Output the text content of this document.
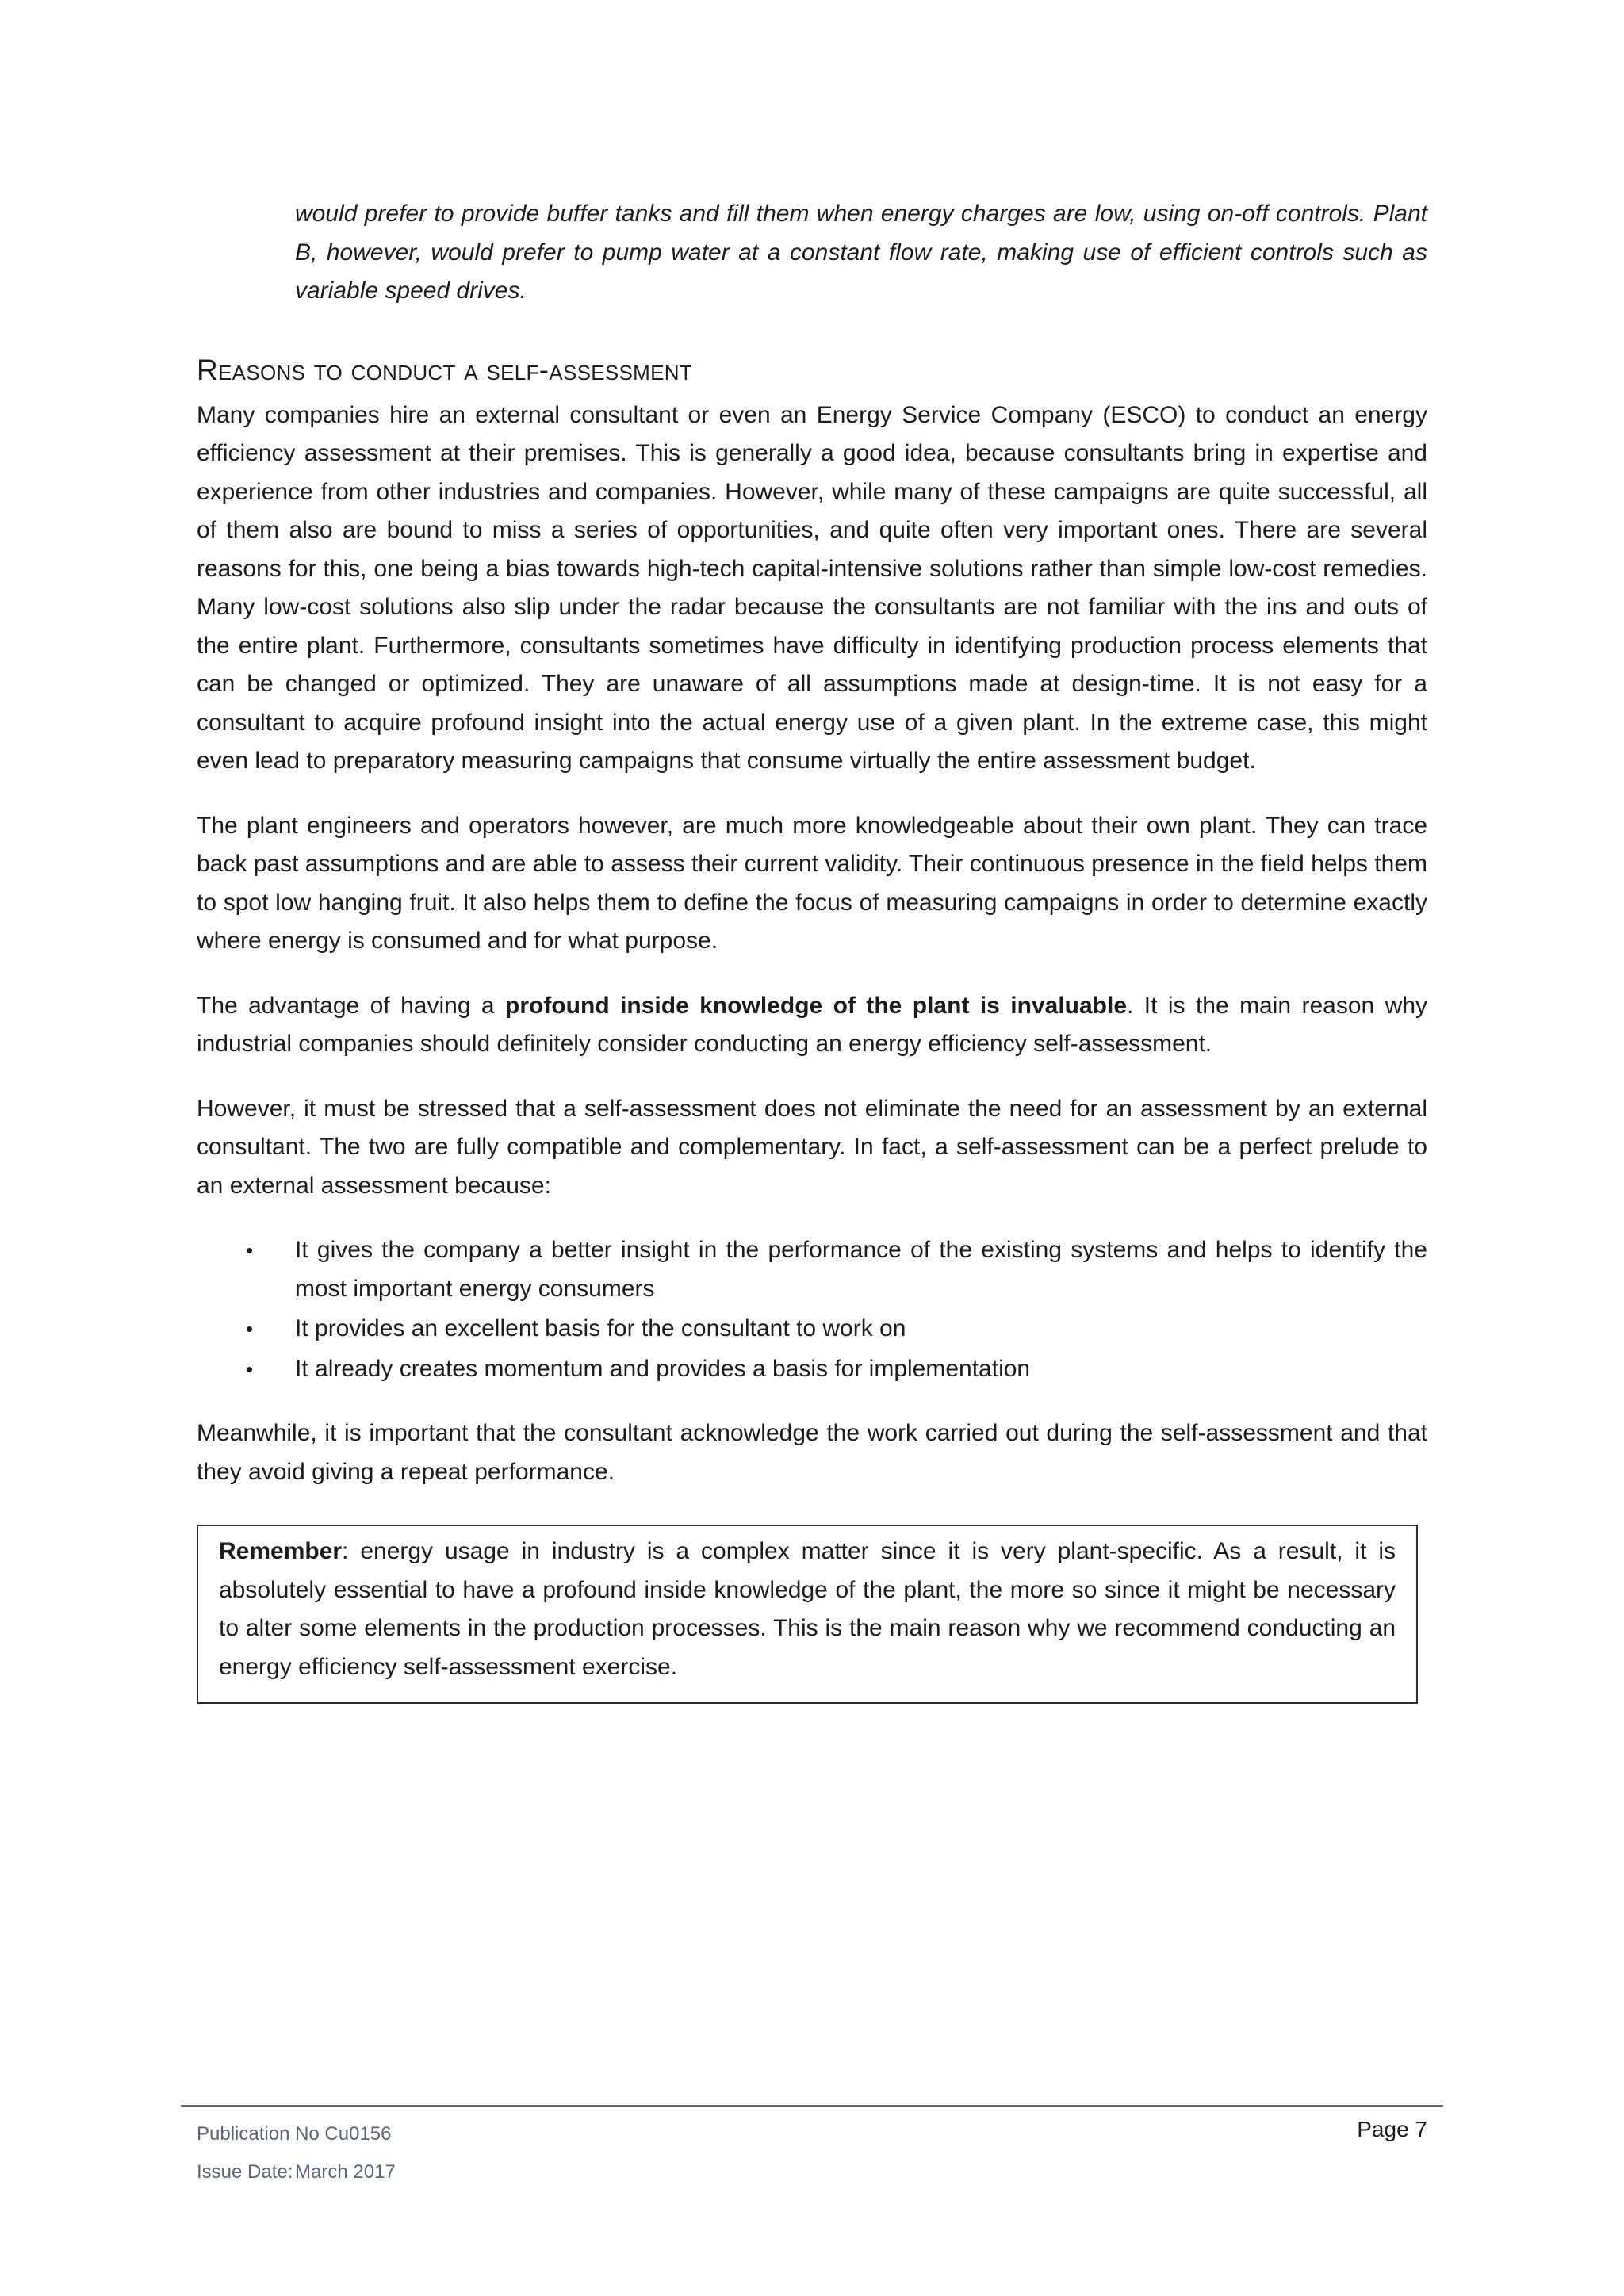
would prefer to provide buffer tanks and fill them when energy charges are low, using on-off controls. Plant B, however, would prefer to pump water at a constant flow rate, making use of efficient controls such as variable speed drives.

Reasons to conduct a self-assessment

Many companies hire an external consultant or even an Energy Service Company (ESCO) to conduct an energy efficiency assessment at their premises. This is generally a good idea, because consultants bring in expertise and experience from other industries and companies. However, while many of these campaigns are quite successful, all of them also are bound to miss a series of opportunities, and quite often very important ones. There are several reasons for this, one being a bias towards high-tech capital-intensive solutions rather than simple low-cost remedies. Many low-cost solutions also slip under the radar because the consultants are not familiar with the ins and outs of the entire plant. Furthermore, consultants sometimes have difficulty in identifying production process elements that can be changed or optimized. They are unaware of all assumptions made at design-time. It is not easy for a consultant to acquire profound insight into the actual energy use of a given plant. In the extreme case, this might even lead to preparatory measuring campaigns that consume virtually the entire assessment budget.

The plant engineers and operators however, are much more knowledgeable about their own plant. They can trace back past assumptions and are able to assess their current validity. Their continuous presence in the field helps them to spot low hanging fruit. It also helps them to define the focus of measuring campaigns in order to determine exactly where energy is consumed and for what purpose.

The advantage of having a profound inside knowledge of the plant is invaluable. It is the main reason why industrial companies should definitely consider conducting an energy efficiency self-assessment.

However, it must be stressed that a self-assessment does not eliminate the need for an assessment by an external consultant. The two are fully compatible and complementary. In fact, a self-assessment can be a perfect prelude to an external assessment because:

• It gives the company a better insight in the performance of the existing systems and helps to identify the most important energy consumers
• It provides an excellent basis for the consultant to work on
• It already creates momentum and provides a basis for implementation

Meanwhile, it is important that the consultant acknowledge the work carried out during the self-assessment and that they avoid giving a repeat performance.

Remember: energy usage in industry is a complex matter since it is very plant-specific. As a result, it is absolutely essential to have a profound inside knowledge of the plant, the more so since it might be necessary to alter some elements in the production processes. This is the main reason why we recommend conducting an energy efficiency self-assessment exercise.

Publication No Cu0156
Issue Date: March 2017
Page 7
